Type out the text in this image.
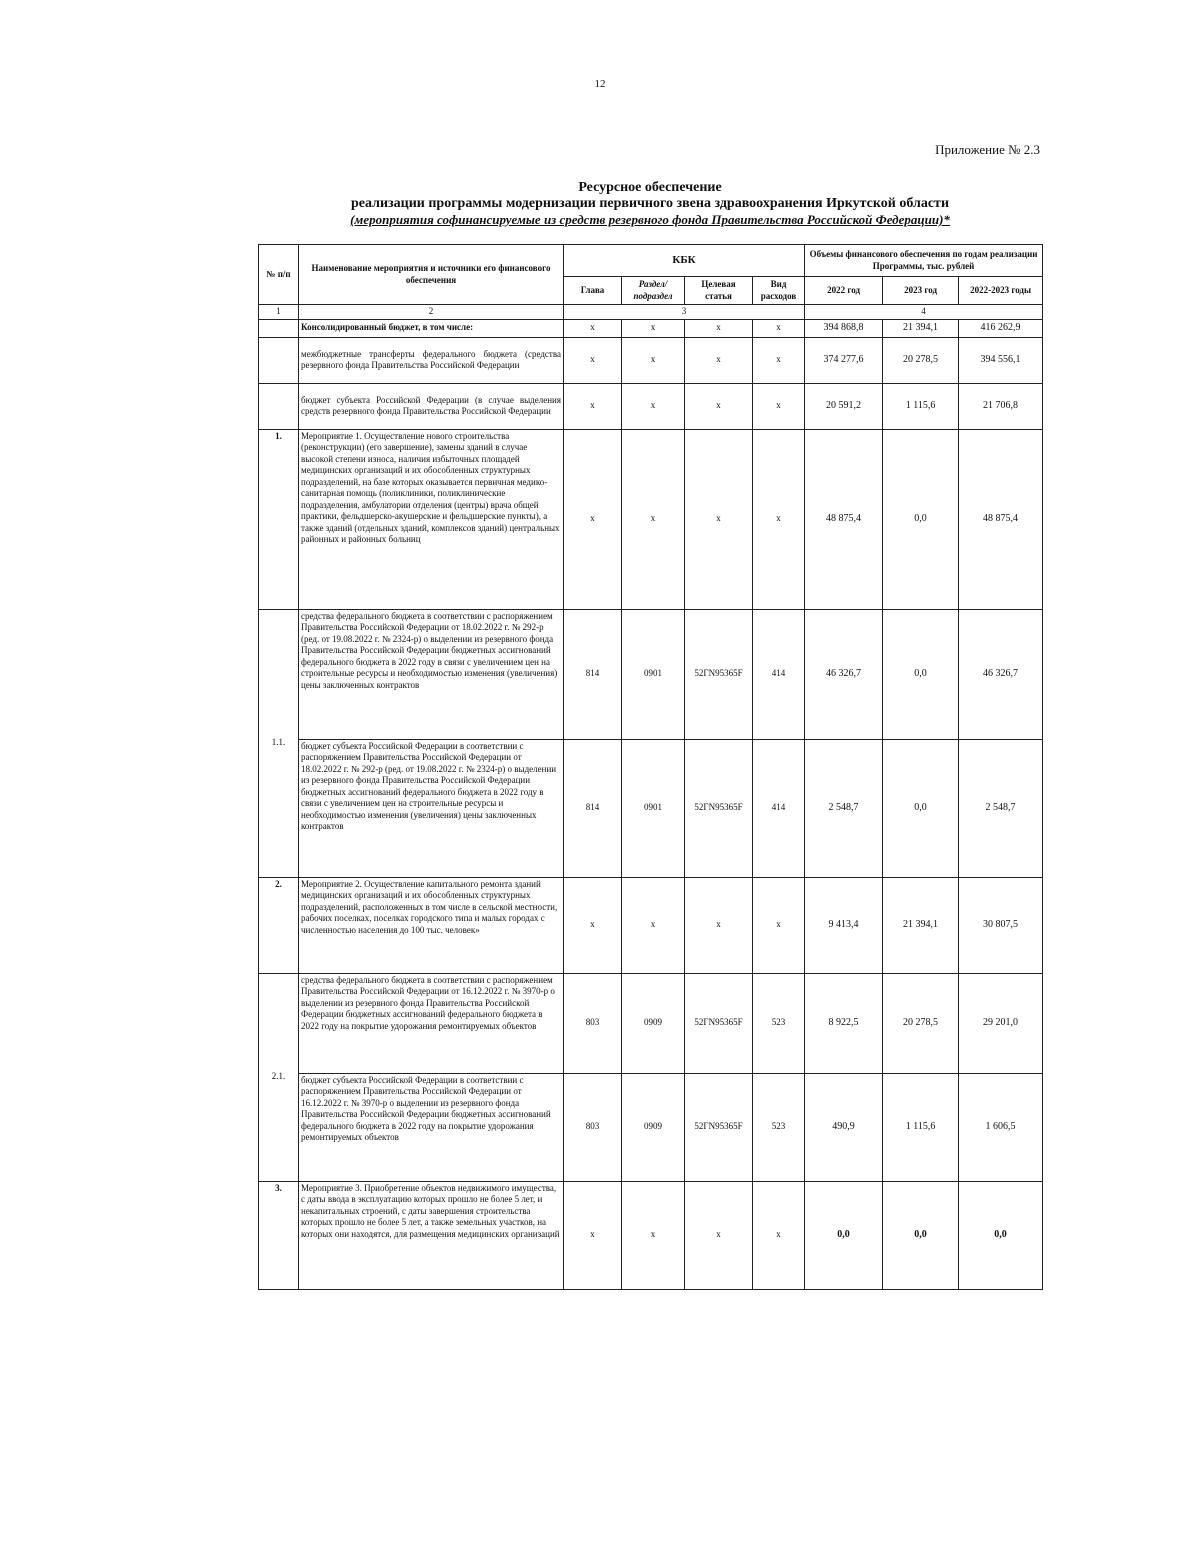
12
Приложение № 2.3
Ресурсное обеспечение
реализации программы модернизации первичного звена здравоохранения Иркутской области
(мероприятия софинансируемые из средств резервного фонда Правительства Российской Федерации)*
№ п/п	Наименование мероприятия и источники его финансового обеспечения	КБК				Объемы финансового обеспечения по годам реализации Программы, тыс. рублей		
		Глава	Раздел/ подраздел	Целевая статья	Вид расходов	2022 год	2023 год	2022-2023 годы
1	2	3				4		
	Консолидированный бюджет, в том числе:	x	x	x	x	394 868,8	21 394,1	416 262,9
	межбюджетные трансферты федерального бюджета (средства резервного фонда Правительства Российской Федерации	x	x	x	x	374 277,6	20 278,5	394 556,1
	бюджет субъекта Российской Федерации (в случае выделения средств резервного фонда Правительства Российской Федерации	x	x	x	x	20 591,2	1 115,6	21 706,8
1.	Мероприятие 1. Осуществление нового строительства (реконструкции) (его завершение), замены зданий в случае высокой степени износа, наличия избыточных площадей медицинских организаций и их обособленных структурных подразделений, на базе которых оказывается первичная медико-санитарная помощь (поликлиники, поликлинические подразделения, амбулатории отделения (центры) врача общей практики, фельдшерско-акушерские и фельдшерские пункты), а также зданий (отдельных зданий, комплексов зданий) центральных районных и районных больниц	x	x	x	x	48 875,4	0,0	48 875,4
1.1.	средства федерального бюджета в соответствии с распоряжением Правительства Российской Федерации от 18.02.2022 г. № 292-р (ред. от 19.08.2022 г. № 2324-р) о выделении из резервного фонда Правительства Российской Федерации бюджетных ассигнований федерального бюджета в 2022 году в связи с увеличением цен на строительные ресурсы и необходимостью изменения (увеличения) цены заключенных контрактов	814	0901	52ГN95365F	414	46 326,7	0,0	46 326,7
	бюджет субъекта Российской Федерации в соответствии с распоряжением Правительства Российской Федерации от 18.02.2022 г. № 292-р (ред. от 19.08.2022 г. № 2324-р) о выделении из резервного фонда Правительства Российской Федерации бюджетных ассигнований федерального бюджета в 2022 году в связи с увеличением цен на строительные ресурсы и необходимостью изменения (увеличения) цены заключенных контрактов	814	0901	52ГN95365F	414	2 548,7	0,0	2 548,7
2.	Мероприятие 2. Осуществление капитального ремонта зданий медицинских организаций и их обособленных структурных подразделений, расположенных в том числе в сельской местности, рабочих поселках, поселках городского типа и малых городах с численностью населения до 100 тыс. человек»	x	x	x	x	9 413,4	21 394,1	30 807,5
2.1.	средства федерального бюджета в соответствии с распоряжением Правительства Российской Федерации от 16.12.2022 г. № 3970-р о выделении из резервного фонда Правительства Российской Федерации бюджетных ассигнований федерального бюджета в 2022 году на покрытие удорожания ремонтируемых объектов	803	0909	52ГN95365F	523	8 922,5	20 278,5	29 201,0
	бюджет субъекта Российской Федерации в соответствии с распоряжением Правительства Российской Федерации от 16.12.2022 г. № 3970-р о выделении из резервного фонда Правительства Российской Федерации бюджетных ассигнований федерального бюджета в 2022 году на покрытие удорожания ремонтируемых объектов	803	0909	52ГN95365F	523	490,9	1 115,6	1 606,5
3.	Мероприятие 3. Приобретение объектов недвижимого имущества, с даты ввода в эксплуатацию которых прошло не более 5 лет, и некапитальных строений, с даты завершения строительства которых прошло не более 5 лет, а также земельных участков, на которых они находятся, для размещения медицинских организаций	x	x	x	x	0,0	0,0	0,0
